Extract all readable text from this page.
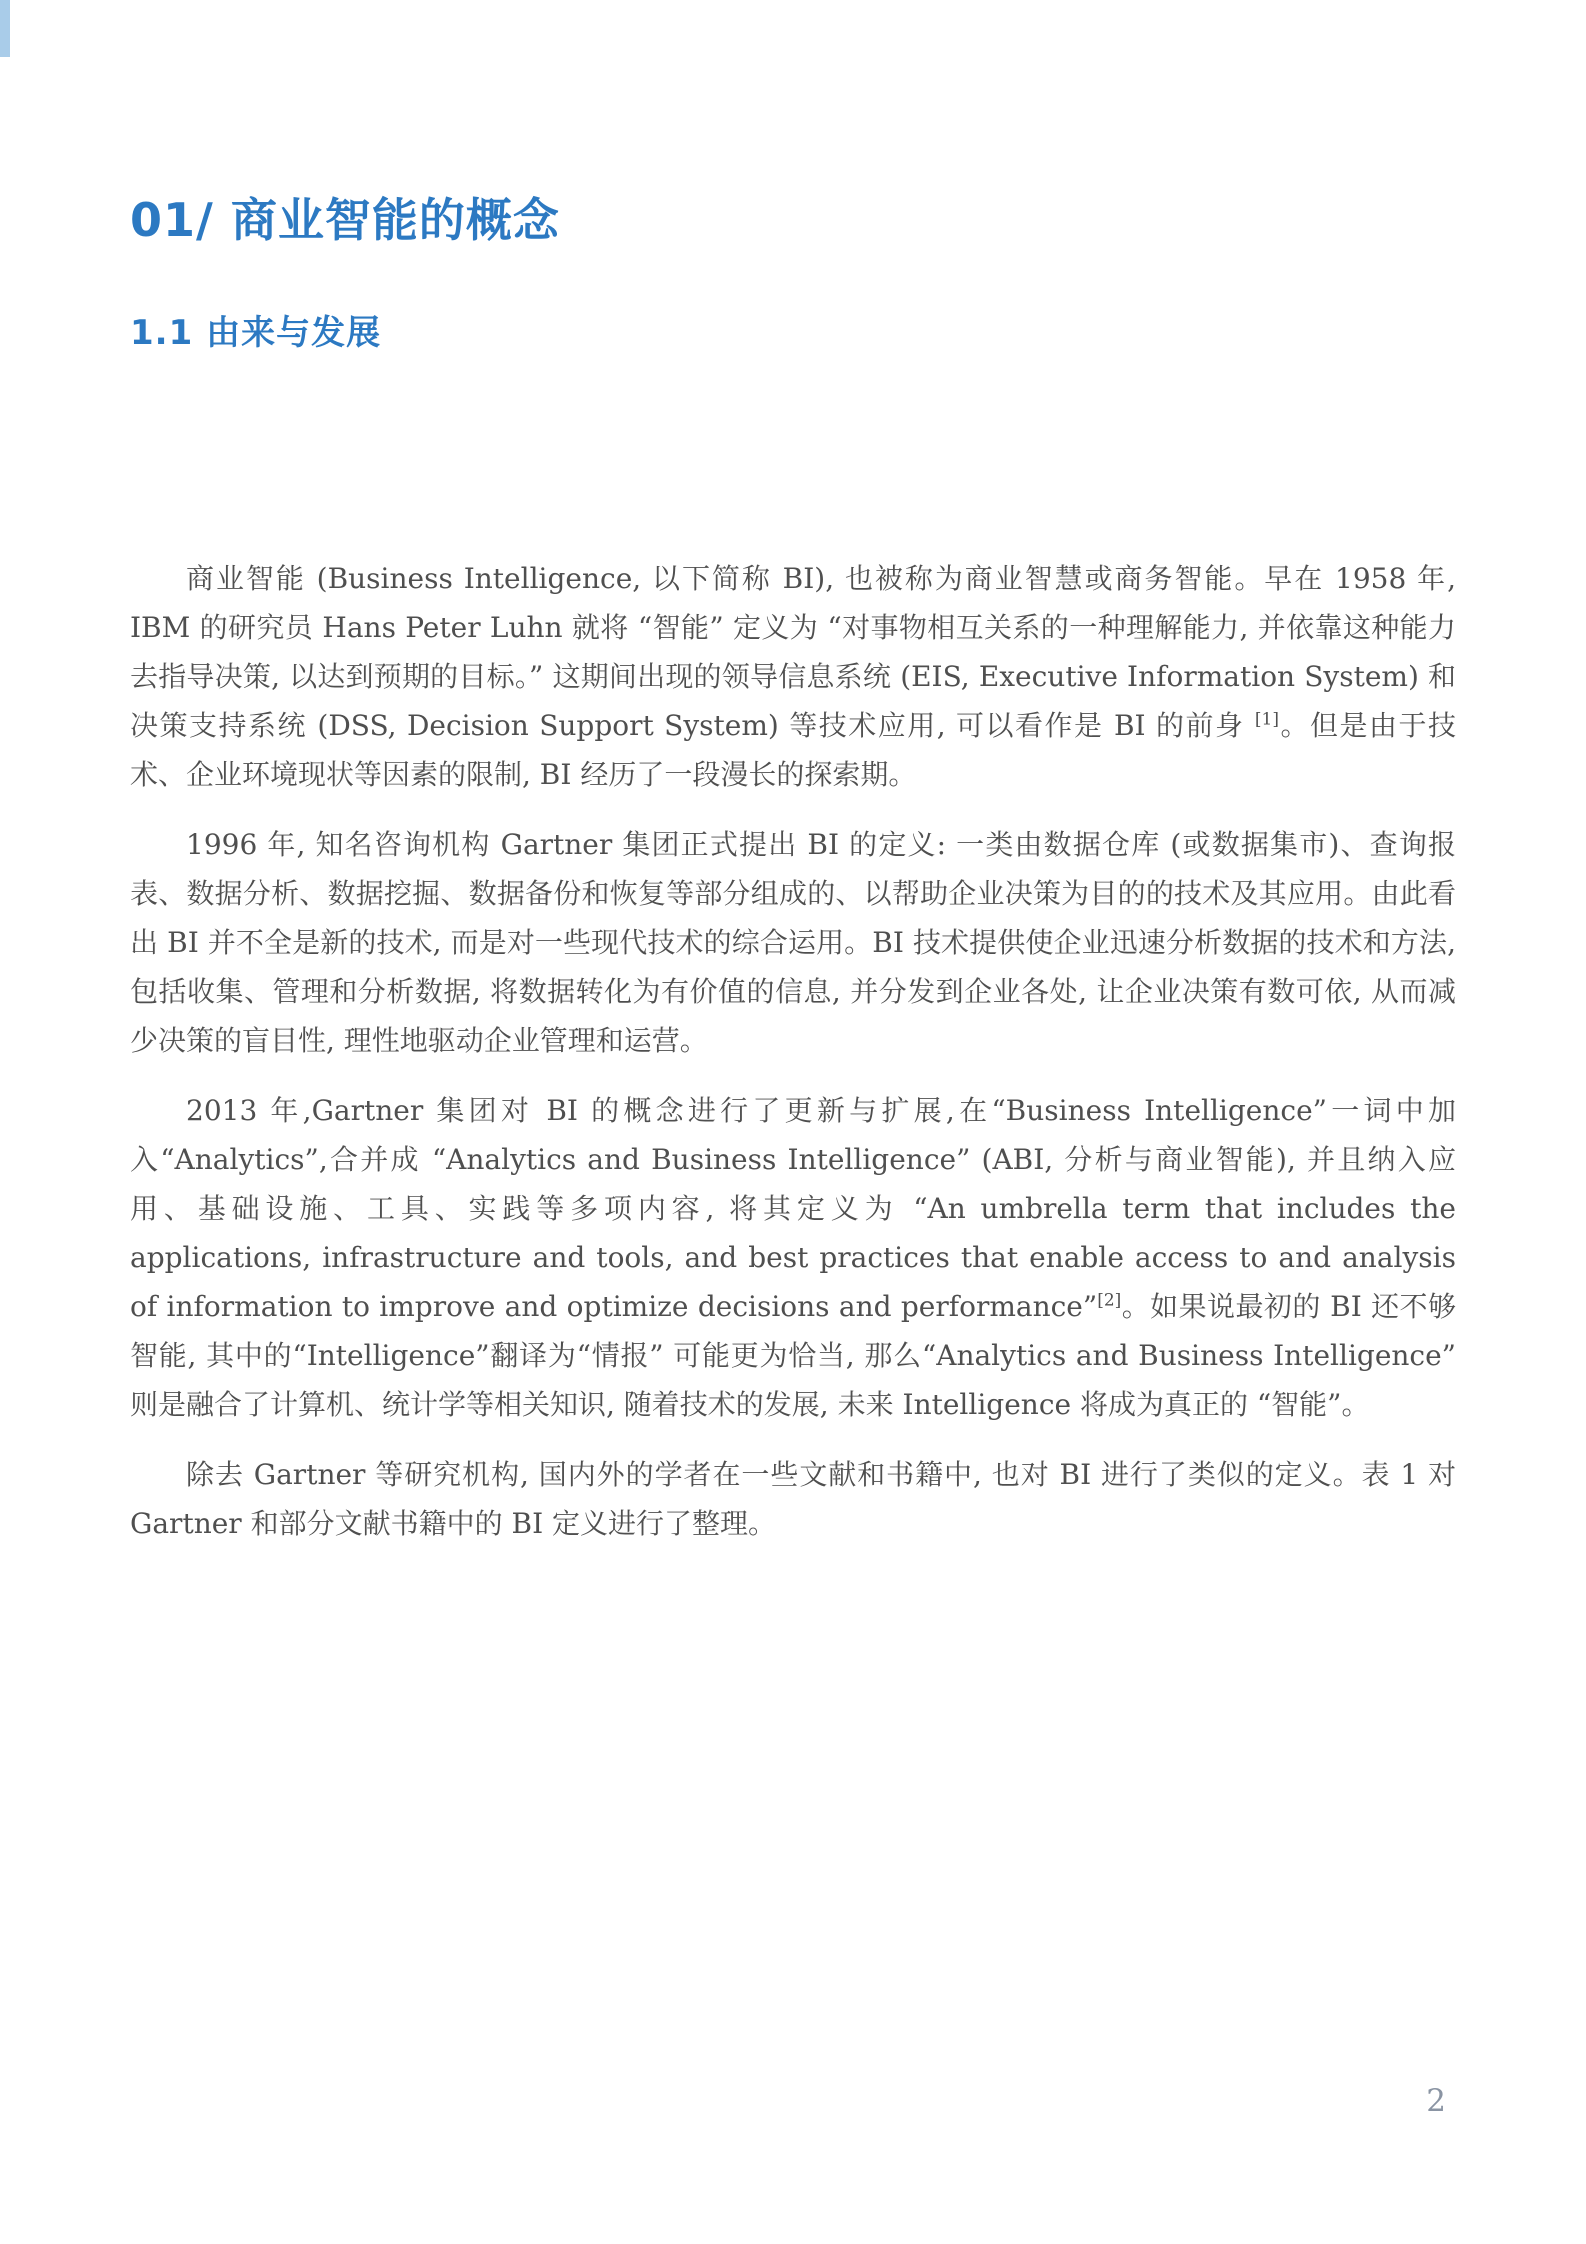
01/ 商业智能的概念
1.1 由来与发展

商业智能 (Business Intelligence, 以下简称 BI), 也被称为商业智慧或商务智能。早在 1958 年, IBM 的研究员 Hans Peter Luhn 就将 “智能” 定义为 “对事物相互关系的一种理解能力, 并依靠这种能力去指导决策, 以达到预期的目标。” 这期间出现的领导信息系统 (EIS, Executive Information System) 和决策支持系统 (DSS, Decision Support System) 等技术应用, 可以看作是 BI 的前身 [1]。但是由于技术、企业环境现状等因素的限制, BI 经历了一段漫长的探索期。

1996 年, 知名咨询机构 Gartner 集团正式提出 BI 的定义: 一类由数据仓库 (或数据集市)、查询报表、数据分析、数据挖掘、数据备份和恢复等部分组成的、以帮助企业决策为目的的技术及其应用。由此看出 BI 并不全是新的技术, 而是对一些现代技术的综合运用。BI 技术提供使企业迅速分析数据的技术和方法, 包括收集、管理和分析数据, 将数据转化为有价值的信息, 并分发到企业各处, 让企业决策有数可依, 从而减少决策的盲目性, 理性地驱动企业管理和运营。

2013 年,Gartner 集团对 BI 的概念进行了更新与扩展,在“Business Intelligence”一词中加入“Analytics”,合并成 “Analytics and Business Intelligence” (ABI, 分析与商业智能), 并且纳入应用、基础设施、工具、实践等多项内容, 将其定义为 “An umbrella term that includes the applications, infrastructure and tools, and best practices that enable access to and analysis of information to improve and optimize decisions and performance”[2]。如果说最初的 BI 还不够智能, 其中的“Intelligence”翻译为“情报” 可能更为恰当, 那么“Analytics and Business Intelligence” 则是融合了计算机、统计学等相关知识, 随着技术的发展, 未来 Intelligence 将成为真正的 “智能”。

除去 Gartner 等研究机构, 国内外的学者在一些文献和书籍中, 也对 BI 进行了类似的定义。表 1 对 Gartner 和部分文献书籍中的 BI 定义进行了整理。

2
